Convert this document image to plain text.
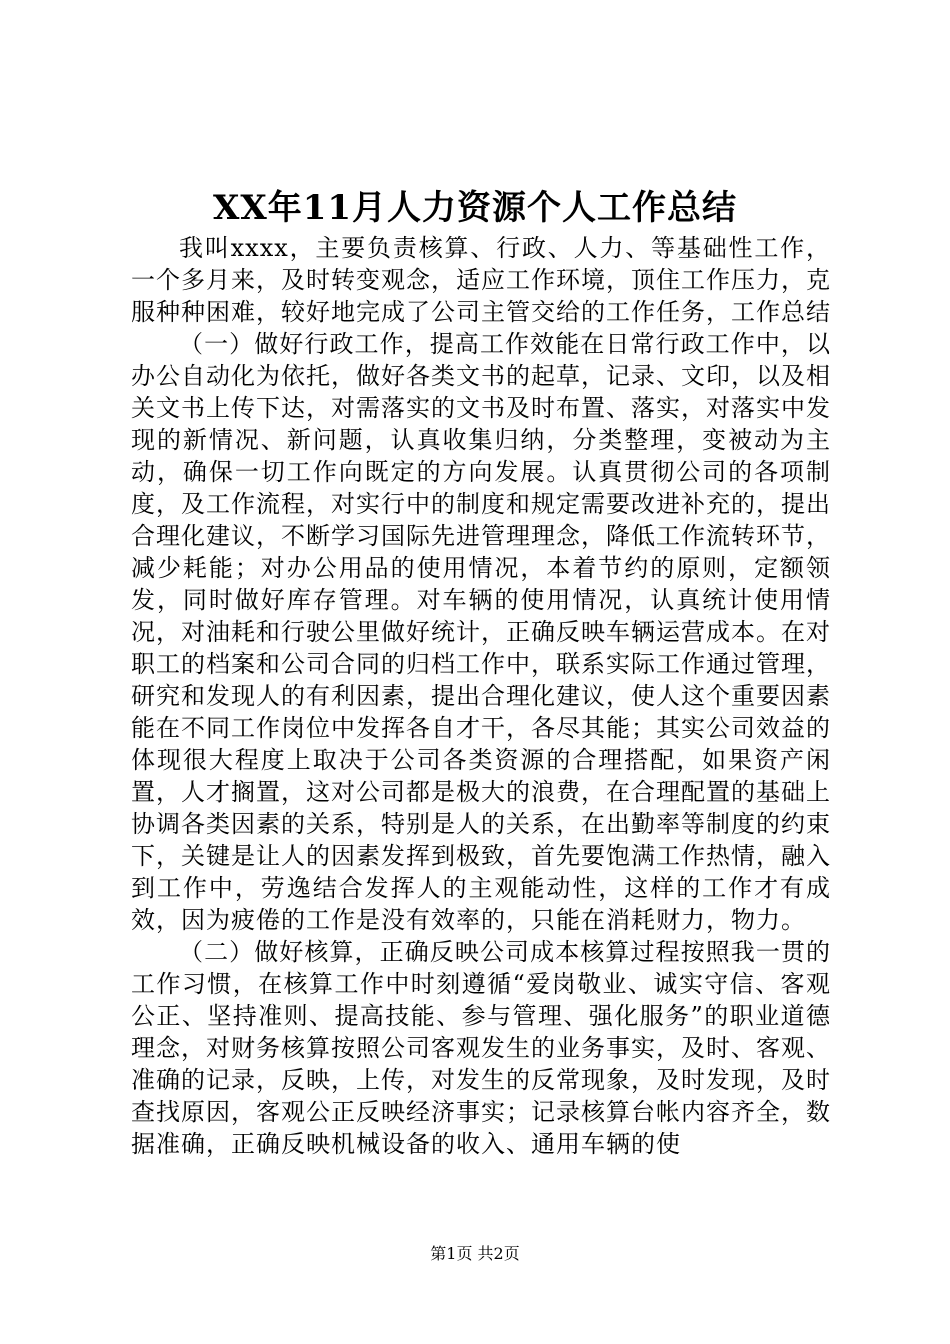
XX年11月人力资源个人工作总结

我叫xxxx，主要负责核算、行政、人力、等基础性工作，一个多月来，及时转变观念，适应工作环境，顶住工作压力，克服种种困难，较好地完成了公司主管交给的工作任务，工作总结

（一）做好行政工作，提高工作效能在日常行政工作中，以办公自动化为依托，做好各类文书的起草，记录、文印，以及相关文书上传下达，对需落实的文书及时布置、落实，对落实中发现的新情况、新问题，认真收集归纳，分类整理，变被动为主动，确保一切工作向既定的方向发展。认真贯彻公司的各项制度，及工作流程，对实行中的制度和规定需要改进补充的，提出合理化建议，不断学习国际先进管理理念，降低工作流转环节，减少耗能；对办公用品的使用情况，本着节约的原则，定额领发，同时做好库存管理。对车辆的使用情况，认真统计使用情况，对油耗和行驶公里做好统计，正确反映车辆运营成本。在对职工的档案和公司合同的归档工作中，联系实际工作通过管理，研究和发现人的有利因素，提出合理化建议，使人这个重要因素能在不同工作岗位中发挥各自才干，各尽其能；其实公司效益的体现很大程度上取决于公司各类资源的合理搭配，如果资产闲置，人才搁置，这对公司都是极大的浪费，在合理配置的基础上协调各类因素的关系，特别是人的关系，在出勤率等制度的约束下，关键是让人的因素发挥到极致，首先要饱满工作热情，融入到工作中，劳逸结合发挥人的主观能动性，这样的工作才有成效，因为疲倦的工作是没有效率的，只能在消耗财力，物力。

（二）做好核算，正确反映公司成本核算过程按照我一贯的工作习惯，在核算工作中时刻遵循“爱岗敬业、诚实守信、客观公正、坚持准则、提高技能、参与管理、强化服务”的职业道德理念，对财务核算按照公司客观发生的业务事实，及时、客观、准确的记录，反映，上传，对发生的反常现象，及时发现，及时查找原因，客观公正反映经济事实；记录核算台帐内容齐全，数据准确，正确反映机械设备的收入、通用车辆的使

第1页 共2页
